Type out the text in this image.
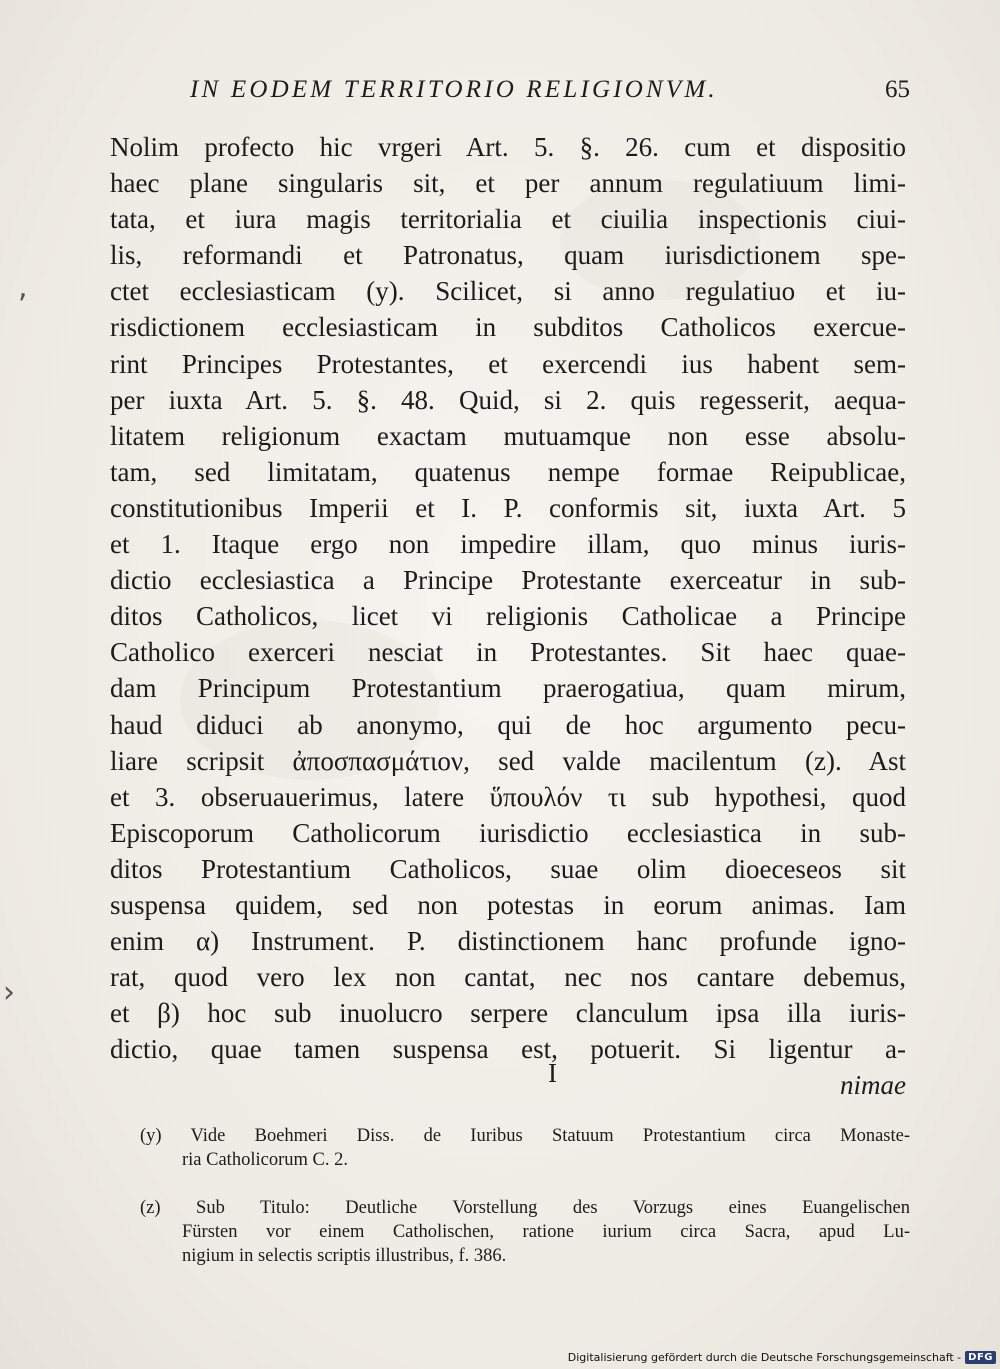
,
›
IN EODEM TERRITORIO RELIGIONVM.	65
Nolim profecto hic vrgeri Art. 5. §. 26. cum et dispositio
haec plane singularis sit, et per annum regulatiuum limi-
tata, et iura magis territorialia et ciuilia inspectionis ciui-
lis, reformandi et Patronatus, quam iurisdictionem spe-
ctet ecclesiasticam (y). Scilicet, si anno regulatiuo et iu-
risdictionem ecclesiasticam in subditos Catholicos exercue-
rint Principes Protestantes, et exercendi ius habent sem-
per iuxta Art. 5. §. 48. Quid, si 2. quis regesserit, aequa-
litatem religionum exactam mutuamque non esse absolu-
tam, sed limitatam, quatenus nempe formae Reipublicae,
constitutionibus Imperii et I. P. conformis sit, iuxta Art. 5
et 1. Itaque ergo non impedire illam, quo minus iuris-
dictio ecclesiastica a Principe Protestante exerceatur in sub-
ditos Catholicos, licet vi religionis Catholicae a Principe
Catholico exerceri nesciat in Protestantes. Sit haec quae-
dam Principum Protestantium praerogatiua, quam mirum,
haud diduci ab anonymo, qui de hoc argumento pecu-
liare scripsit ἀποσπασμάτιον, sed valde macilentum (z). Ast
et 3. obseruauerimus, latere ὕπουλόν τι sub hypothesi, quod
Episcoporum Catholicorum iurisdictio ecclesiastica in sub-
ditos Protestantium Catholicos, suae olim dioeceseos sit
suspensa quidem, sed non potestas in eorum animas. Iam
enim α) Instrument. P. distinctionem hanc profunde igno-
rat, quod vero lex non cantat, nec nos cantare debemus,
et β) hoc sub inuolucro serpere clanculum ipsa illa iuris-
dictio, quae tamen suspensa est, potuerit. Si ligentur a-
I	nimae
(y) Vide Boehmeri Diss. de Iuribus Statuum Protestantium circa Monaste-
ria Catholicorum C. 2.
(z) Sub Titulo: Deutliche Vorstellung des Vorzugs eines Euangelischen
Fürsten vor einem Catholischen, ratione iurium circa Sacra, apud Lu-
nigium in selectis scriptis illustribus, f. 386.
Digitalisierung gefördert durch die Deutsche Forschungsgemeinschaft - DFG
